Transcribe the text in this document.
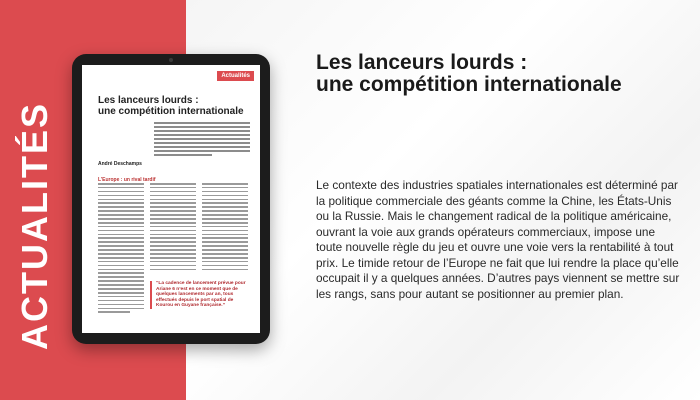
ACTUALITÉS
Actualités
Les lanceurs lourds :
une compétition internationale
André Deschamps
L’Europe : un rival tardif
“La cadence de lancement prévue pour Ariane 6 n’est en ce moment que de quelques lancements par an, tous effectués depuis le port spatial de Kourou en Guyane française.”
Les lanceurs lourds :
une compétition internationale
Le contexte des industries spatiales internationales est déterminé par la politique commerciale des géants comme la Chine, les États-Unis ou la Russie. Mais le changement radical de la politique américaine, ouvrant la voie aux grands opérateurs commerciaux, impose une toute nouvelle règle du jeu et ouvre une voie vers la rentabilité à tout prix. Le timide retour de l’Europe ne fait que lui rendre la place qu’elle occupait il y a quelques années. D’autres pays viennent se mettre sur les rangs, sans pour autant se positionner au premier plan.
